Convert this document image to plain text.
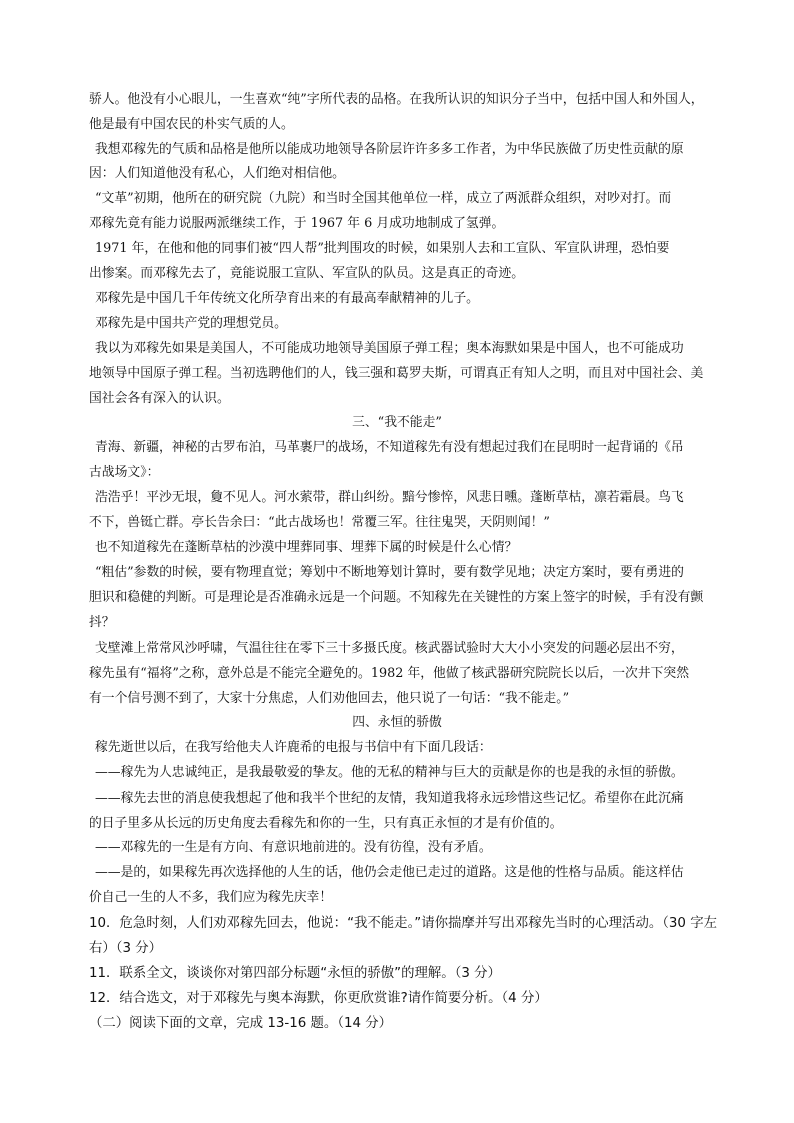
骄人。他没有小心眼儿，一生喜欢“纯”字所代表的品格。在我所认识的知识分子当中，包括中国人和外国人，
他是最有中国农民的朴实气质的人。
我想邓稼先的气质和品格是他所以能成功地领导各阶层许许多多工作者，为中华民族做了历史性贡献的原
因：人们知道他没有私心，人们绝对相信他。
“文革”初期，他所在的研究院（九院）和当时全国其他单位一样，成立了两派群众组织，对吵对打。而
邓稼先竟有能力说服两派继续工作，于 1967 年 6 月成功地制成了氢弹。
1971 年，在他和他的同事们被“四人帮”批判围攻的时候，如果别人去和工宣队、军宣队讲理，恐怕要
出惨案。而邓稼先去了，竟能说服工宣队、军宣队的队员。这是真正的奇迹。
邓稼先是中国几千年传统文化所孕育出来的有最高奉献精神的儿子。
邓稼先是中国共产党的理想党员。
我以为邓稼先如果是美国人，不可能成功地领导美国原子弹工程；奥本海默如果是中国人，也不可能成功
地领导中国原子弹工程。当初选聘他们的人，钱三强和葛罗夫斯，可谓真正有知人之明，而且对中国社会、美
国社会各有深入的认识。
三、“我不能走”
青海、新疆，神秘的古罗布泊，马革裹尸的战场，不知道稼先有没有想起过我们在昆明时一起背诵的《吊
古战场文》：
浩浩乎！平沙无垠，敻不见人。河水萦带，群山纠纷。黯兮惨悴，风悲日曛。蓬断草枯，凛若霜晨。鸟飞
不下，兽铤亡群。亭长告余曰：“此古战场也！常覆三军。往往鬼哭，天阴则闻！”
也不知道稼先在蓬断草枯的沙漠中埋葬同事、埋葬下属的时候是什么心情？
“粗估”参数的时候，要有物理直觉；筹划中不断地筹划计算时，要有数学见地；决定方案时，要有勇进的
胆识和稳健的判断。可是理论是否准确永远是一个问题。不知稼先在关键性的方案上签字的时候，手有没有颤
抖？
戈壁滩上常常风沙呼啸，气温往往在零下三十多摄氏度。核武器试验时大大小小突发的问题必层出不穷，
稼先虽有“福将”之称，意外总是不能完全避免的。1982 年，他做了核武器研究院院长以后，一次井下突然
有一个信号测不到了，大家十分焦虑，人们劝他回去，他只说了一句话：“我不能走。”
四、永恒的骄傲
稼先逝世以后，在我写给他夫人许鹿希的电报与书信中有下面几段话：
——稼先为人忠诚纯正，是我最敬爱的挚友。他的无私的精神与巨大的贡献是你的也是我的永恒的骄傲。
——稼先去世的消息使我想起了他和我半个世纪的友情，我知道我将永远珍惜这些记忆。希望你在此沉痛
的日子里多从长远的历史角度去看稼先和你的一生，只有真正永恒的才是有价值的。
——邓稼先的一生是有方向、有意识地前进的。没有彷徨，没有矛盾。
——是的，如果稼先再次选择他的人生的话，他仍会走他已走过的道路。这是他的性格与品质。能这样估
价自己一生的人不多，我们应为稼先庆幸！
10．危急时刻，人们劝邓稼先回去，他说：“我不能走。”请你揣摩并写出邓稼先当时的心理活动。（30 字左
右）（3 分）
11．联系全文，谈谈你对第四部分标题“永恒的骄傲”的理解。（3 分）
12．结合选文，对于邓稼先与奥本海默，你更欣赏谁?请作简要分析。（4 分）
（二）阅读下面的文章，完成 13-16 题。（14 分）
